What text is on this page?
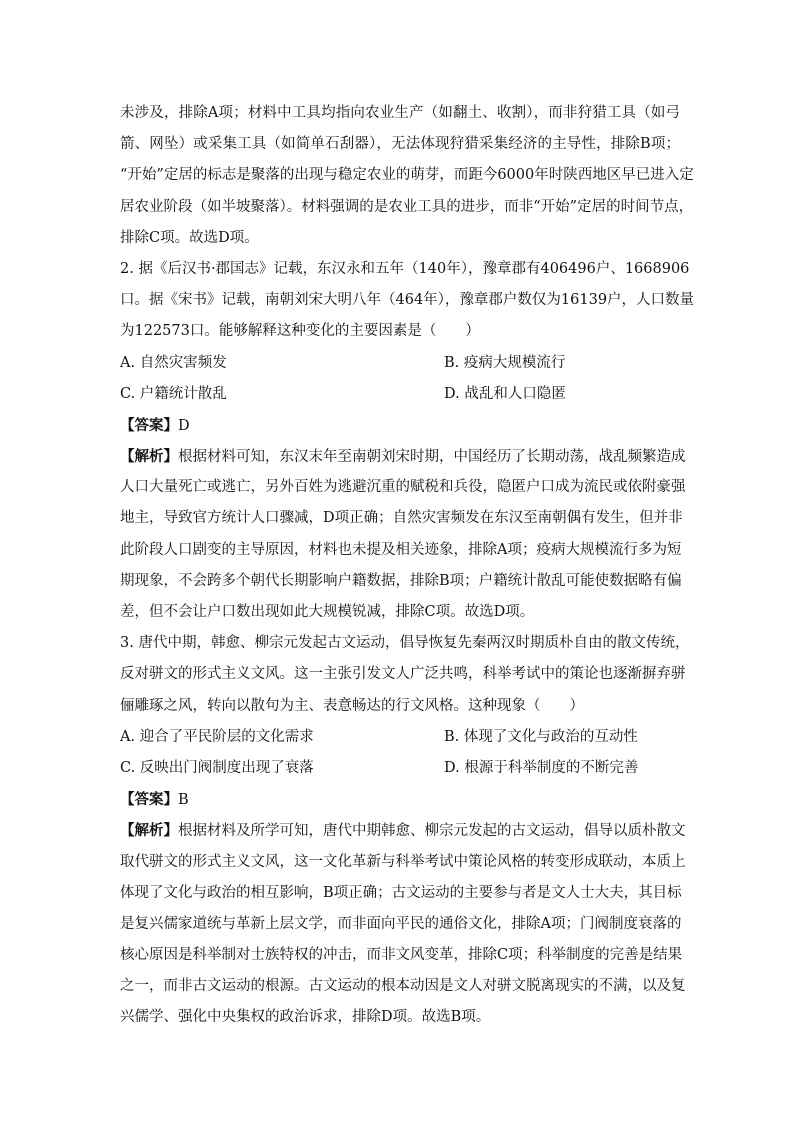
未涉及，排除A项；材料中工具均指向农业生产（如翻土、收割），而非狩猎工具（如弓
箭、网坠）或采集工具（如简单石刮器），无法体现狩猎采集经济的主导性，排除B项；
“开始”定居的标志是聚落的出现与稳定农业的萌芽，而距今6000年时陕西地区早已进入定
居农业阶段（如半坡聚落）。材料强调的是农业工具的进步，而非“开始”定居的时间节点，
排除C项。故选D项。
2. 据《后汉书·郡国志》记载，东汉永和五年（140年），豫章郡有406496户、1668906
口。据《宋书》记载，南朝刘宋大明八年（464年），豫章郡户数仅为16139户，人口数量
为122573口。能够解释这种变化的主要因素是（　　）
A. 自然灾害频发	B. 疫病大规模流行
C. 户籍统计散乱	D. 战乱和人口隐匿
【答案】D
【解析】根据材料可知，东汉末年至南朝刘宋时期，中国经历了长期动荡，战乱频繁造成
人口大量死亡或逃亡，另外百姓为逃避沉重的赋税和兵役，隐匿户口成为流民或依附豪强
地主，导致官方统计人口骤减，D项正确；自然灾害频发在东汉至南朝偶有发生，但并非
此阶段人口剧变的主导原因，材料也未提及相关迹象，排除A项；疫病大规模流行多为短
期现象，不会跨多个朝代长期影响户籍数据，排除B项；户籍统计散乱可能使数据略有偏
差，但不会让户口数出现如此大规模锐减，排除C项。故选D项。
3. 唐代中期，韩愈、柳宗元发起古文运动，倡导恢复先秦两汉时期质朴自由的散文传统，
反对骈文的形式主义文风。这一主张引发文人广泛共鸣，科举考试中的策论也逐渐摒弃骈
俪雕琢之风，转向以散句为主、表意畅达的行文风格。这种现象（　　）
A. 迎合了平民阶层的文化需求	B. 体现了文化与政治的互动性
C. 反映出门阀制度出现了衰落	D. 根源于科举制度的不断完善
【答案】B
【解析】根据材料及所学可知，唐代中期韩愈、柳宗元发起的古文运动，倡导以质朴散文
取代骈文的形式主义文风，这一文化革新与科举考试中策论风格的转变形成联动，本质上
体现了文化与政治的相互影响，B项正确；古文运动的主要参与者是文人士大夫，其目标
是复兴儒家道统与革新上层文学，而非面向平民的通俗文化，排除A项；门阀制度衰落的
核心原因是科举制对士族特权的冲击，而非文风变革，排除C项；科举制度的完善是结果
之一，而非古文运动的根源。古文运动的根本动因是文人对骈文脱离现实的不满，以及复
兴儒学、强化中央集权的政治诉求，排除D项。故选B项。
